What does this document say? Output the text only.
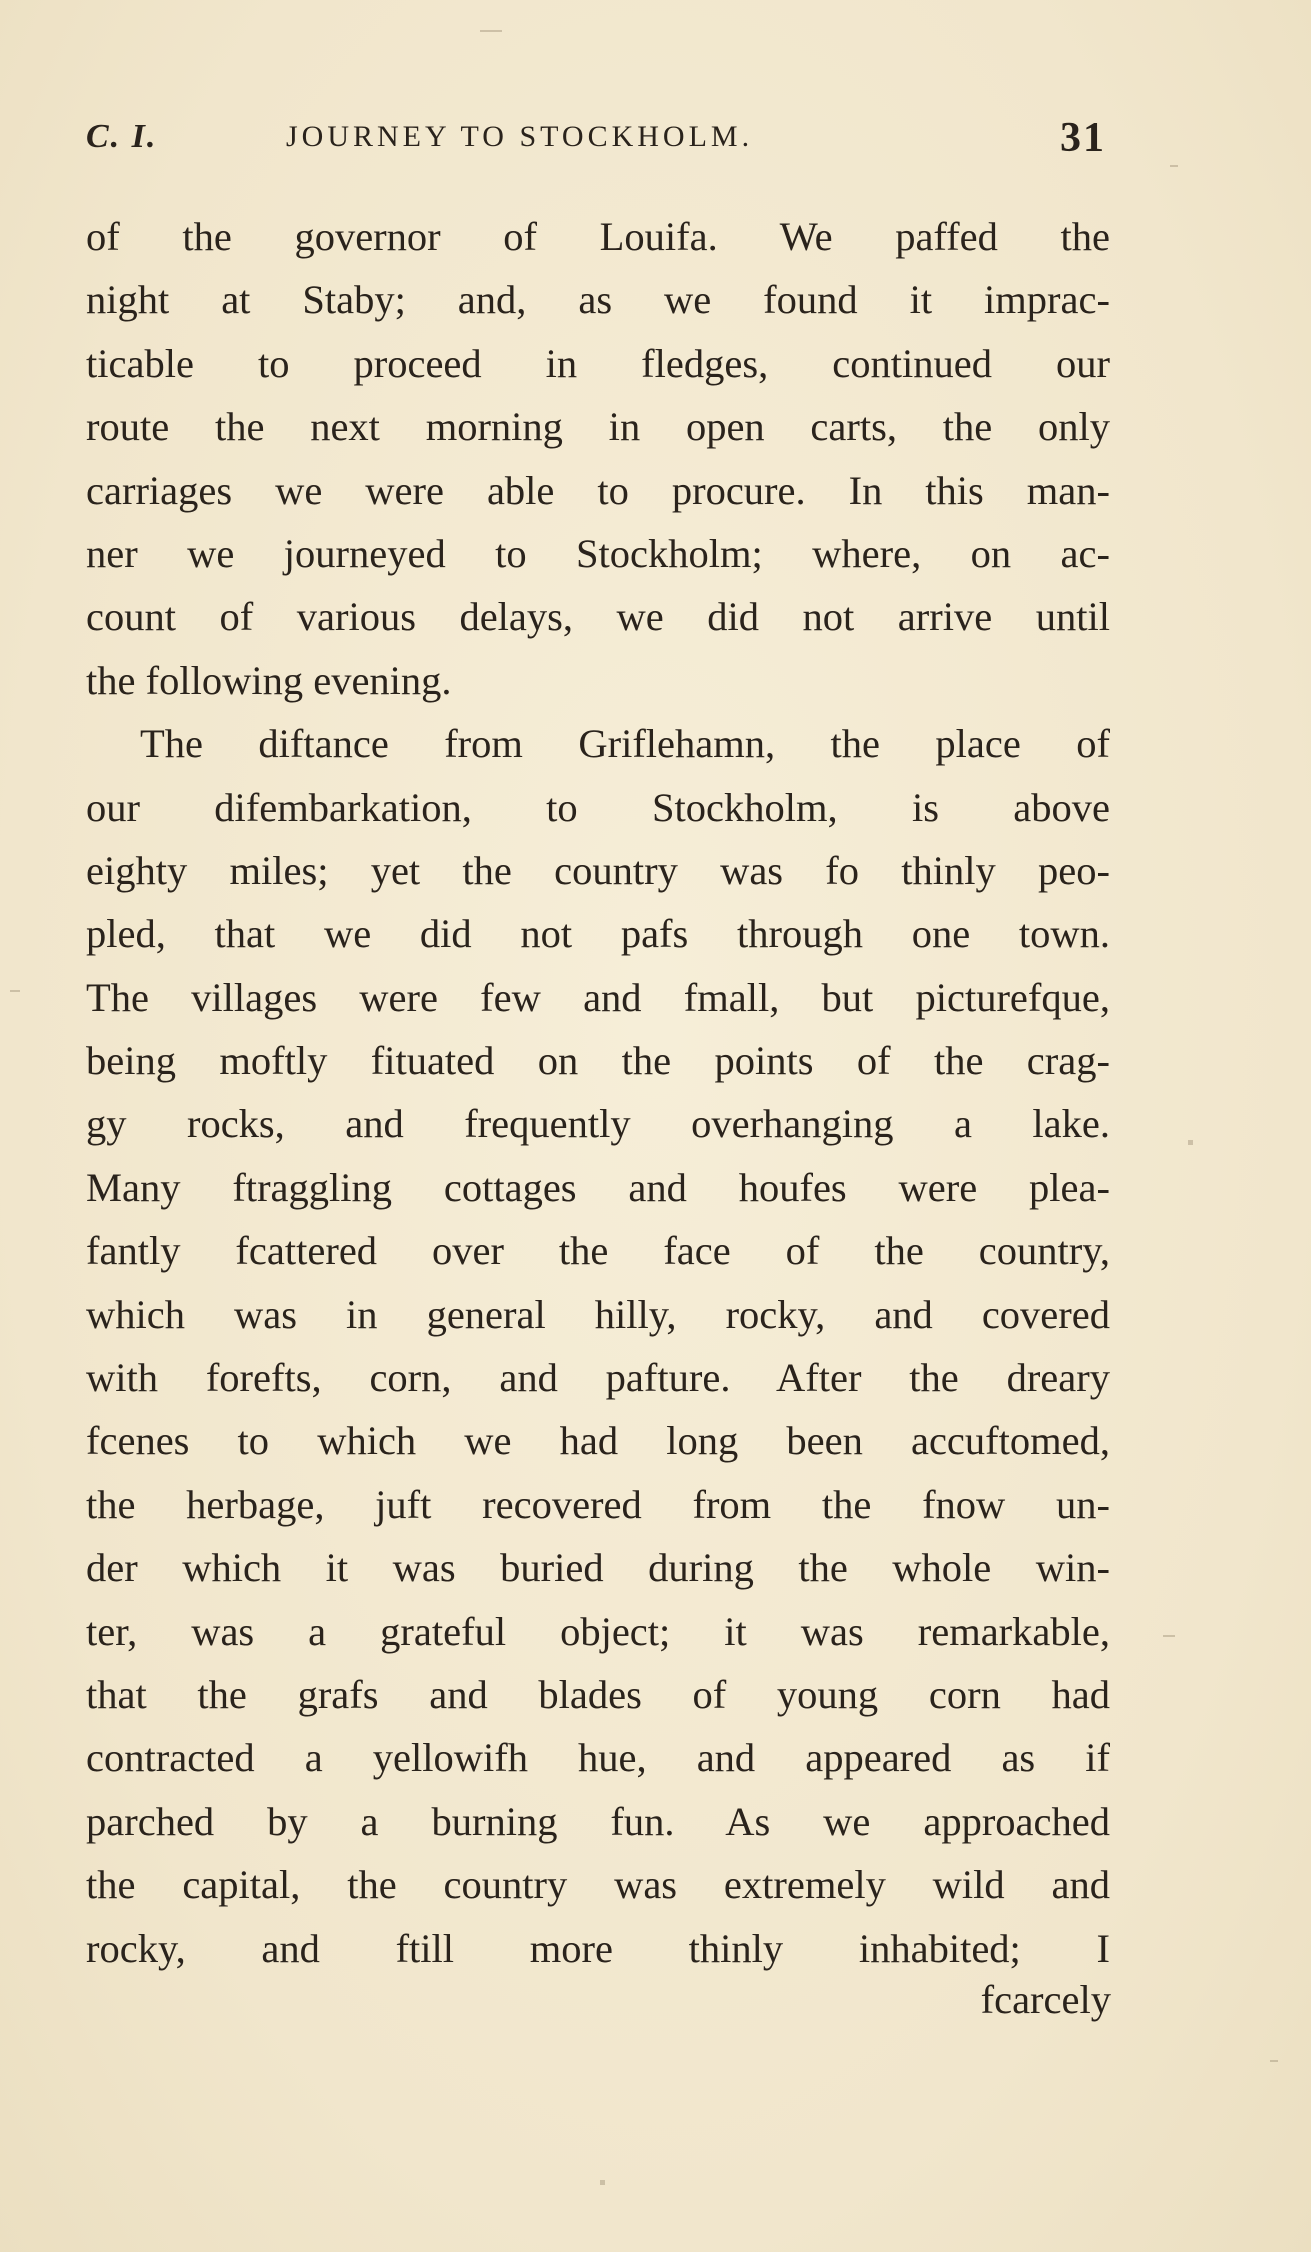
C. I.	JOURNEY TO STOCKHOLM.	31
of the governor of Louifa. We paffed the
night at Staby; and, as we found it imprac-
ticable to proceed in fledges, continued our
route the next morning in open carts, the only
carriages we were able to procure. In this man-
ner we journeyed to Stockholm; where, on ac-
count of various delays, we did not arrive until
the following evening.
The diftance from Griflehamn, the place of
our difembarkation, to Stockholm, is above
eighty miles; yet the country was fo thinly peo-
pled, that we did not pafs through one town.
The villages were few and fmall, but picturefque,
being moftly fituated on the points of the crag-
gy rocks, and frequently overhanging a lake.
Many ftraggling cottages and houfes were plea-
fantly fcattered over the face of the country,
which was in general hilly, rocky, and covered
with forefts, corn, and pafture. After the dreary
fcenes to which we had long been accuftomed,
the herbage, juft recovered from the fnow un-
der which it was buried during the whole win-
ter, was a grateful object; it was remarkable,
that the grafs and blades of young corn had
contracted a yellowifh hue, and appeared as if
parched by a burning fun. As we approached
the capital, the country was extremely wild and
rocky, and ftill more thinly inhabited; I
fcarcely
